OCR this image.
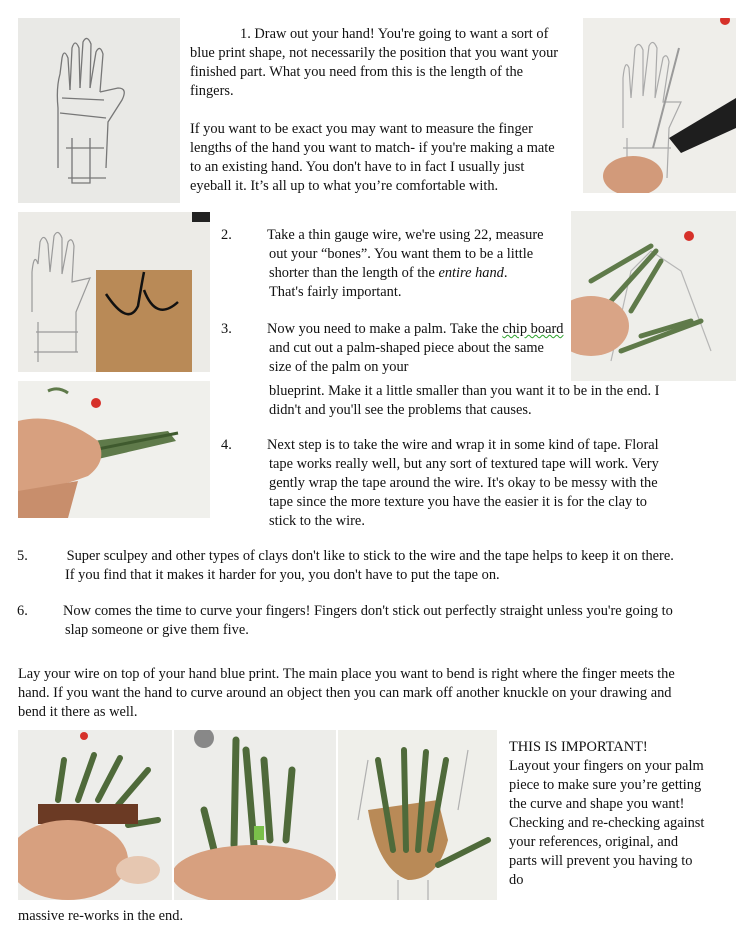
1. Draw out your hand! You're going to want a sort of blue print shape, not necessarily the position that you want your finished part. What you need from this is the length of the fingers.

If you want to be exact you may want to measure the finger lengths of the hand you want to match- if you're making a mate to an existing hand. You don't have to in fact I usually just eyeball it. It’s all up to what you’re comfortable with.

2. Take a thin gauge wire, we're using 22, measure out your “bones”. You want them to be a little shorter than the length of the entire hand. That's fairly important.

3. Now you need to make a palm. Take the chip board and cut out a palm-shaped piece about the same size of the palm on your

blueprint. Make it a little smaller than you want it to be in the end. I didn't and you'll see the problems that causes.

4. Next step is to take the wire and wrap it in some kind of tape. Floral tape works really well, but any sort of textured tape will work. Very gently wrap the tape around the wire. It's okay to be messy with the tape since the more texture you have the easier it is for the clay to stick to the wire.

5. Super sculpey and other types of clays don't like to stick to the wire and the tape helps to keep it on there. If you find that it makes it harder for you, you don't have to put the tape on.

6. Now comes the time to curve your fingers! Fingers don't stick out perfectly straight unless you're going to slap someone or give them five.

Lay your wire on top of your hand blue print. The main place you want to bend is right where the finger meets the hand. If you want the hand to curve around an object then you can mark off another knuckle on your drawing and bend it there as well.

THIS IS IMPORTANT!

Layout your fingers on your palm piece to make sure you’re getting the curve and shape you want! Checking and re-checking against your references, original, and parts will prevent you having to do

massive re-works in the end.
